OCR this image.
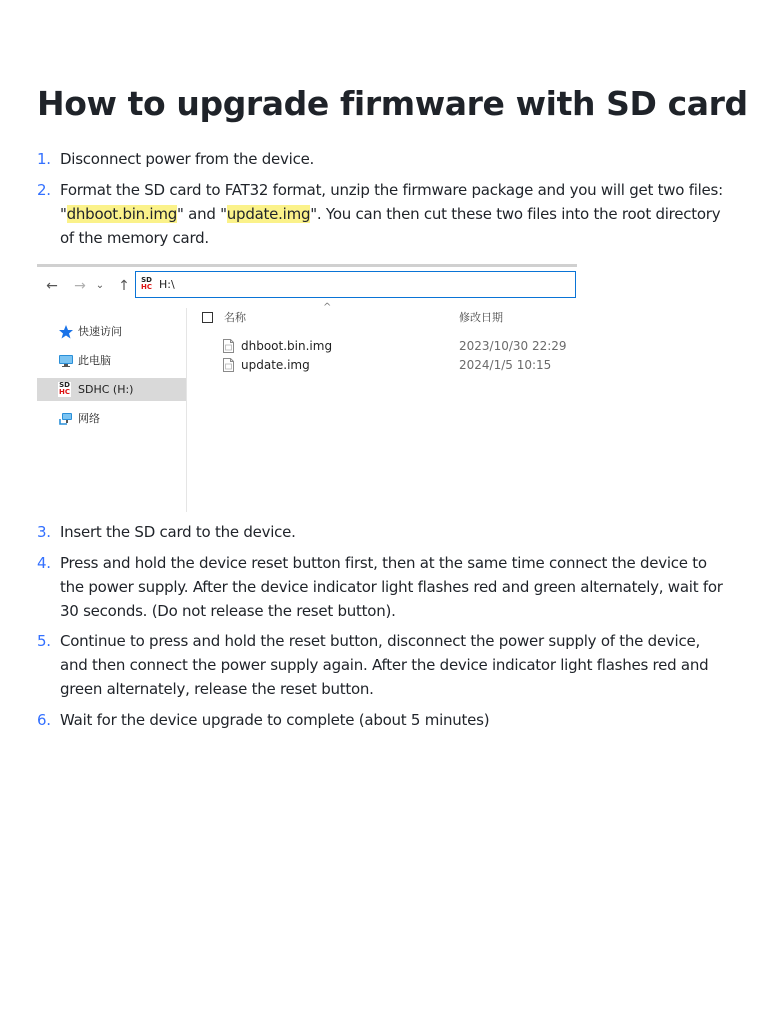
How to upgrade firmware with SD card
1. Disconnect power from the device.
2. Format the SD card to FAT32 format, unzip the firmware package and you will get two files: "dhboot.bin.img" and "update.img". You can then cut these two files into the root directory of the memory card.
← → ⌄ ↑	SD
HC H:\
^
快速访问
此电脑
SD
HC SDHC (H:)
网络
名称	修改日期
dhboot.bin.img	2023/10/30 22:29
update.img	2024/1/5 10:15
3. Insert the SD card to the device.
4. Press and hold the device reset button first, then at the same time connect the device to the power supply. After the device indicator light flashes red and green alternately, wait for 30 seconds. (Do not release the reset button).
5. Continue to press and hold the reset button, disconnect the power supply of the device, and then connect the power supply again. After the device indicator light flashes red and green alternately, release the reset button.
6. Wait for the device upgrade to complete (about 5 minutes)
